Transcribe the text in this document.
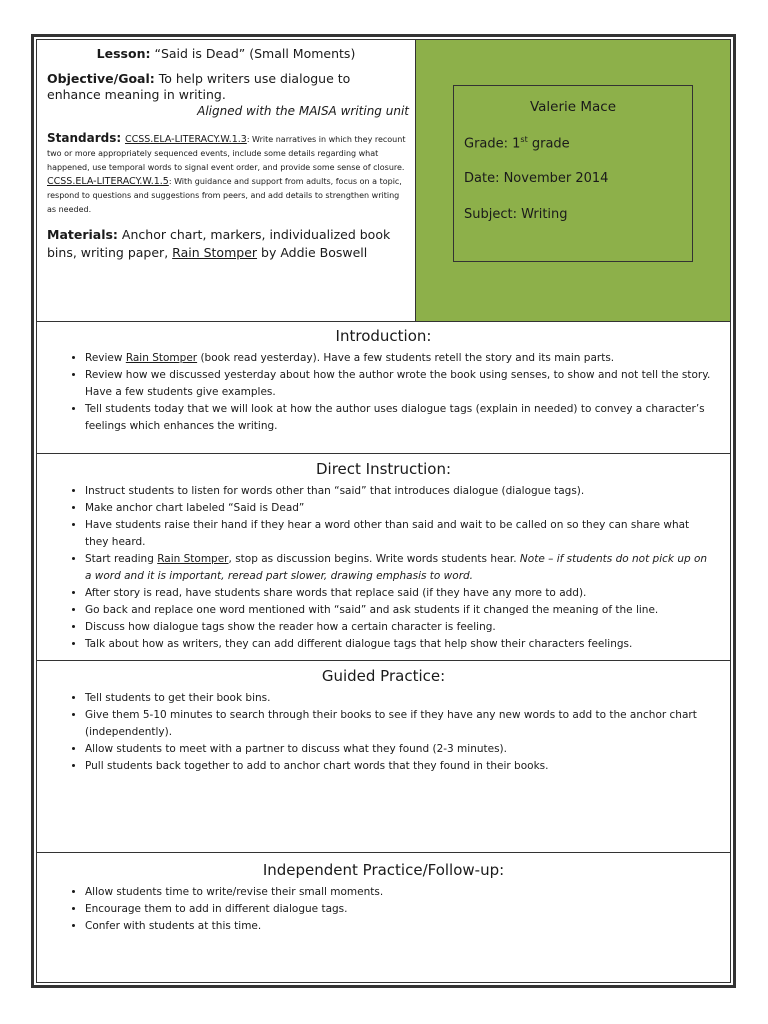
Lesson: “Said is Dead” (Small Moments)
Objective/Goal: To help writers use dialogue to enhance meaning in writing.
Aligned with the MAISA writing unit
Standards: CCSS.ELA-LITERACY.W.1.3: Write narratives in which they recount two or more appropriately sequenced events, include some details regarding what happened, use temporal words to signal event order, and provide some sense of closure.
CCSS.ELA-LITERACY.W.1.5: With guidance and support from adults, focus on a topic, respond to questions and suggestions from peers, and add details to strengthen writing as needed.
Materials: Anchor chart, markers, individualized book bins, writing paper, Rain Stomper by Addie Boswell
Valerie Mace
Grade: 1st grade
Date: November 2014
Subject: Writing
Introduction:
• Review Rain Stomper (book read yesterday). Have a few students retell the story and its main parts.
• Review how we discussed yesterday about how the author wrote the book using senses, to show and not tell the story. Have a few students give examples.
• Tell students today that we will look at how the author uses dialogue tags (explain in needed) to convey a character’s feelings which enhances the writing.
Direct Instruction:
• Instruct students to listen for words other than “said” that introduces dialogue (dialogue tags).
• Make anchor chart labeled “Said is Dead”
• Have students raise their hand if they hear a word other than said and wait to be called on so they can share what they heard.
• Start reading Rain Stomper, stop as discussion begins. Write words students hear. Note – if students do not pick up on a word and it is important, reread part slower, drawing emphasis to word.
• After story is read, have students share words that replace said (if they have any more to add).
• Go back and replace one word mentioned with “said” and ask students if it changed the meaning of the line.
• Discuss how dialogue tags show the reader how a certain character is feeling.
• Talk about how as writers, they can add different dialogue tags that help show their characters feelings.
Guided Practice:
• Tell students to get their book bins.
• Give them 5-10 minutes to search through their books to see if they have any new words to add to the anchor chart (independently).
• Allow students to meet with a partner to discuss what they found (2-3 minutes).
• Pull students back together to add to anchor chart words that they found in their books.
Independent Practice/Follow-up:
• Allow students time to write/revise their small moments.
• Encourage them to add in different dialogue tags.
• Confer with students at this time.
